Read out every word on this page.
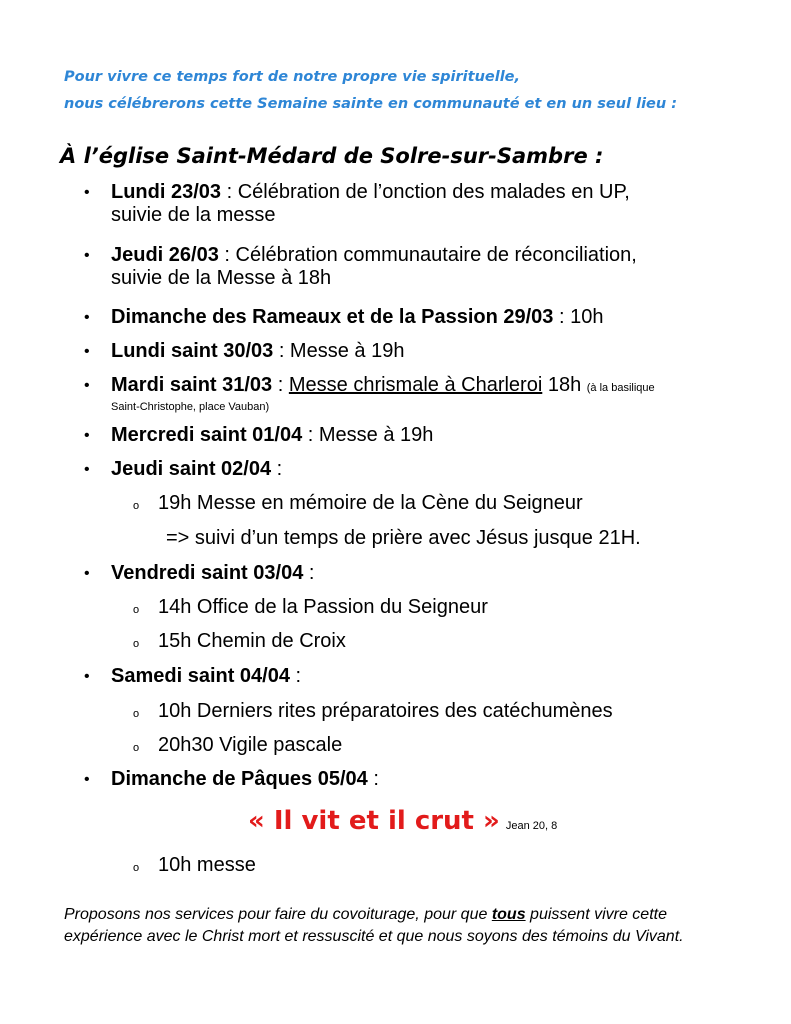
Pour vivre ce temps fort de notre propre vie spirituelle,
nous célébrerons cette Semaine sainte en communauté et en un seul lieu :
À l’église Saint-Médard de Solre-sur-Sambre :
• Lundi 23/03 : Célébration de l’onction des malades en UP,
suivie de la messe
• Jeudi 26/03 : Célébration communautaire de réconciliation,
suivie de la Messe à 18h
• Dimanche des Rameaux et de la Passion 29/03 : 10h
• Lundi saint 30/03 : Messe à 19h
• Mardi saint 31/03 : Messe chrismale à Charleroi 18h (à la basilique
Saint-Christophe, place Vauban)
• Mercredi saint 01/04 : Messe à 19h
• Jeudi saint 02/04 :
o 19h Messe en mémoire de la Cène du Seigneur
=> suivi d’un temps de prière avec Jésus jusque 21H.
• Vendredi saint 03/04 :
o 14h Office de la Passion du Seigneur
o 15h Chemin de Croix
• Samedi saint 04/04 :
o 10h Derniers rites préparatoires des catéchumènes
o 20h30 Vigile pascale
• Dimanche de Pâques 05/04 :
« Il vit et il crut » Jean 20, 8
o 10h messe
Proposons nos services pour faire du covoiturage, pour que tous puissent vivre cette expérience avec le Christ mort et ressuscité et que nous soyons des témoins du Vivant.
